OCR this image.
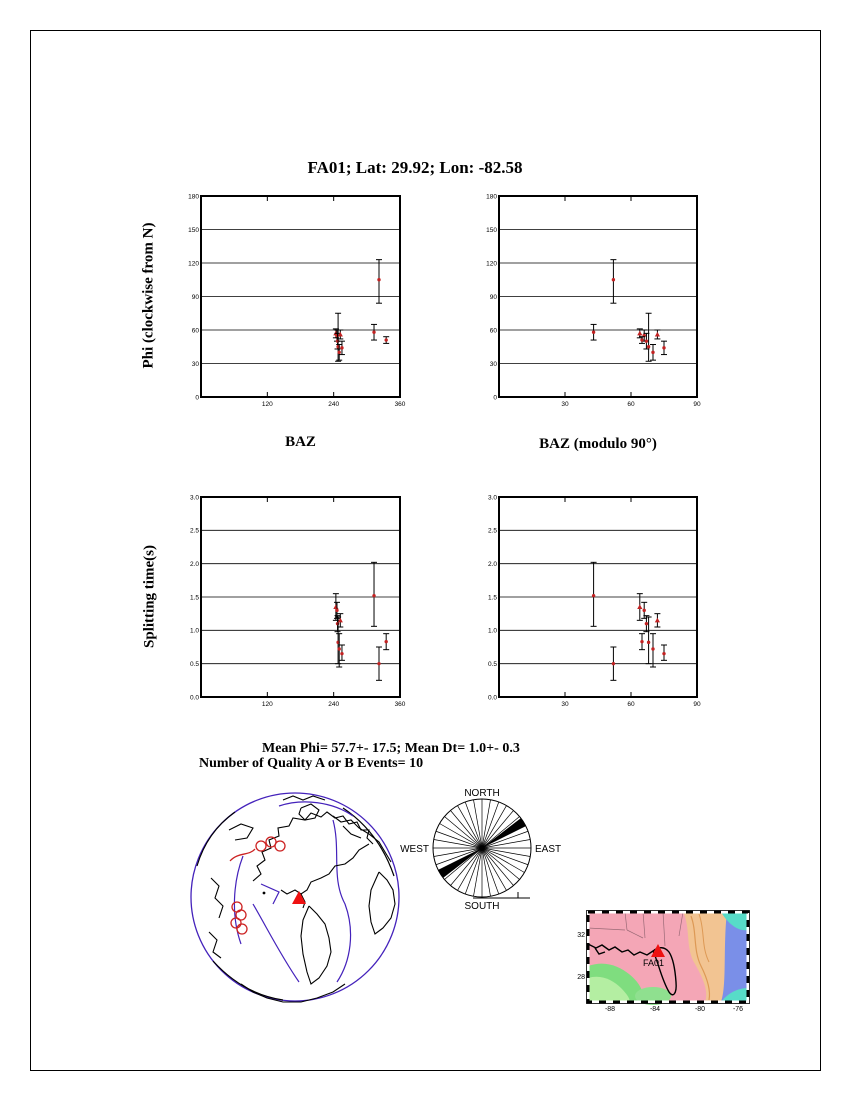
FA01; Lat: 29.92; Lon: -82.58
Phi (clockwise from N)
Splitting time(s)
BAZ	BAZ (modulo 90°)
0
30
60
90
120
150
180
120	240	360
0
30
60
90
120
150
180
30	60	90
0.0
0.5
1.0
1.5
2.0
2.5
3.0
120	240	360
0.0
0.5
1.0
1.5
2.0
2.5
3.0
30	60	90
Mean Phi= 57.7+- 17.5; Mean Dt= 1.0+- 0.3
Number of Quality A or B Events= 10
NORTH
SOUTH
EAST
WEST
FA01
-88	-84	-80	-76
32
28
